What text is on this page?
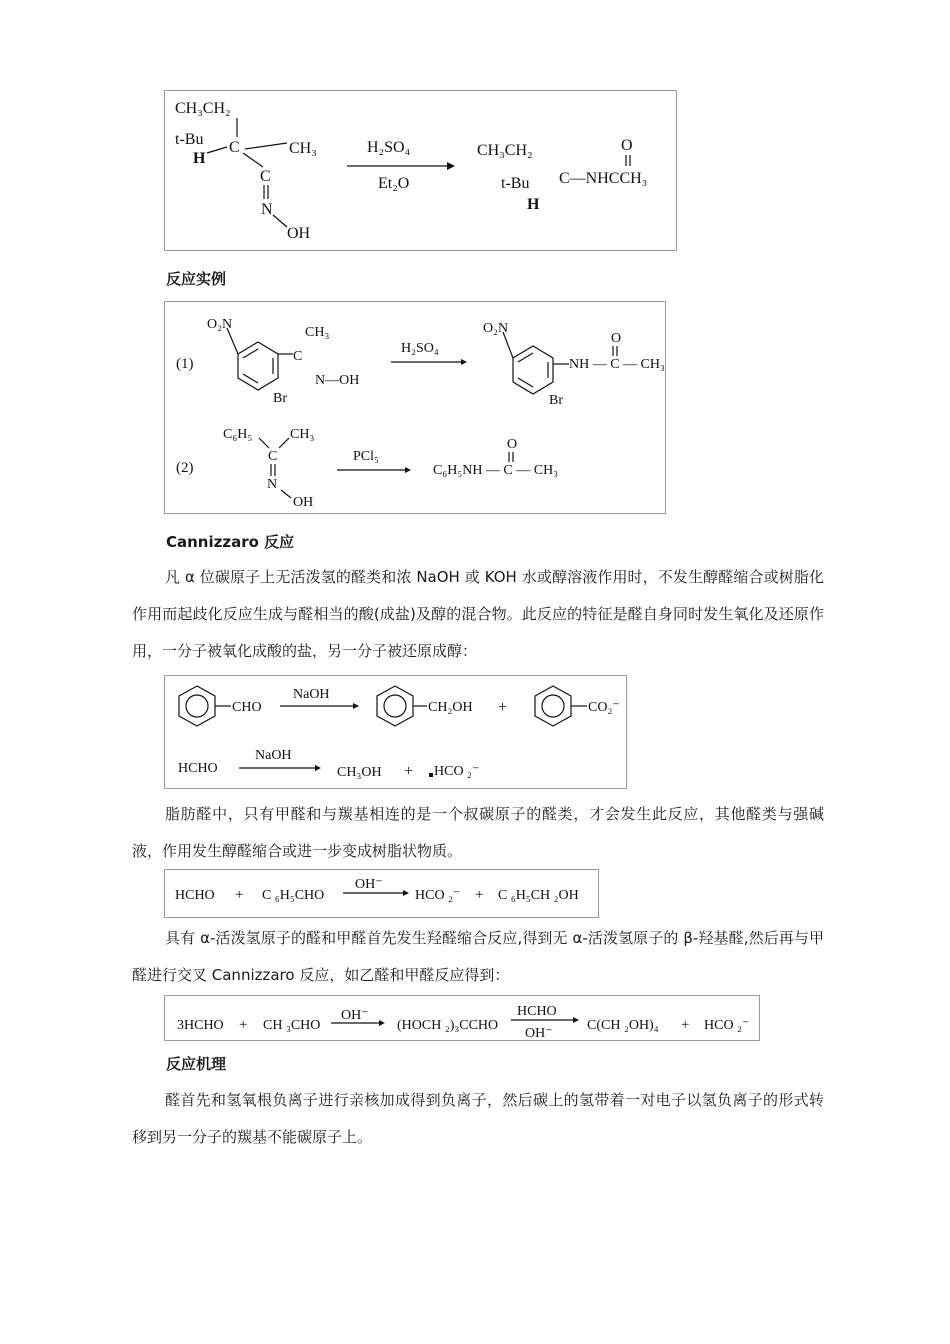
CH₃CH₂
t-Bu
H
C	CH₃
C
N
OH
H₂SO₄
Et₂O
CH₃CH₂
t-Bu
H
O
C—NHCCH₃
反应实例
(1)
O₂N
CH₃
C
N—OH
Br
H₂SO₄
O₂N
NH — C — CH₃
O
Br
(2)
C₆H₅	CH₃
C
N
OH
PCl₅
C₆H₅NH — C — CH₃
O
Cannizzaro 反应
凡 α 位碳原子上无活泼氢的醛类和浓 NaOH 或 KOH 水或醇溶液作用时，不发生醇醛缩合或树脂化作用而起歧化反应生成与醛相当的酸(成盐)及醇的混合物。此反应的特征是醛自身同时发生氧化及还原作用，一分子被氧化成酸的盐，另一分子被还原成醇：
CHO
NaOH
CH₂OH +	CO₂⁻
HCHO
NaOH
CH₃OH + HCO ₂⁻
脂肪醛中，只有甲醛和与羰基相连的是一个叔碳原子的醛类，才会发生此反应，其他醛类与强碱液，作用发生醇醛缩合或进一步变成树脂状物质。
HCHO + C ₆H₅CHO
OH⁻
HCO ₂⁻ + C ₆H₅CH ₂OH
具有 α-活泼氢原子的醛和甲醛首先发生羟醛缩合反应,得到无 α-活泼氢原子的 β-羟基醛,然后再与甲醛进行交叉 Cannizzaro 反应，如乙醛和甲醛反应得到：
3HCHO + CH ₃CHO
OH⁻
(HOCH ₂)₃CCHO
HCHO
OH⁻
C(CH ₂OH)₄ + HCO ₂⁻
反应机理
醛首先和氢氧根负离子进行亲核加成得到负离子，然后碳上的氢带着一对电子以氢负离子的形式转移到另一分子的羰基不能碳原子上。
